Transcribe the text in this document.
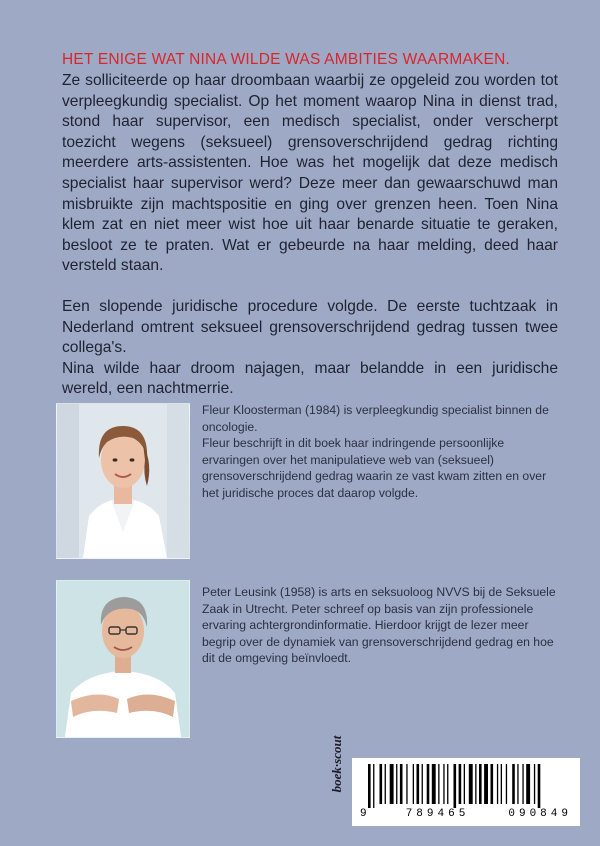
HET ENIGE WAT NINA WILDE WAS AMBITIES WAARMAKEN.

Ze solliciteerde op haar droombaan waarbij ze opgeleid zou worden tot verpleegkundig specialist. Op het moment waarop Nina in dienst trad, stond haar supervisor, een medisch specialist, onder verscherpt toezicht wegens (seksueel) grensoverschrijdend gedrag richting meerdere arts-assistenten. Hoe was het mogelijk dat deze medisch specialist haar supervisor werd? Deze meer dan gewaarschuwd man misbruikte zijn machtspositie en ging over grenzen heen. Toen Nina klem zat en niet meer wist hoe uit haar benarde situatie te geraken, besloot ze te praten. Wat er gebeurde na haar melding, deed haar versteld staan.

Een slopende juridische procedure volgde. De eerste tuchtzaak in Nederland omtrent seksueel grensoverschrijdend gedrag tussen twee collega's.

Nina wilde haar droom najagen, maar belandde in een juridische wereld, een nachtmerrie.

Fleur Kloosterman (1984) is verpleegkundig specialist binnen de oncologie.

Fleur beschrijft in dit boek haar indringende persoonlijke ervaringen over het manipulatieve web van (seksueel) grensoverschrijdend gedrag waarin ze vast kwam zitten en over het juridische proces dat daarop volgde.

Peter Leusink (1958) is arts en seksuoloog NVVS bij de Seksuele Zaak in Utrecht. Peter schreef op basis van zijn professionele ervaring achtergrondinformatie. Hierdoor krijgt de lezer meer begrip over de dynamiek van grensoverschrijdend gedrag en hoe dit de omgeving beïnvloedt.

boek·scout
9	789465	090849
